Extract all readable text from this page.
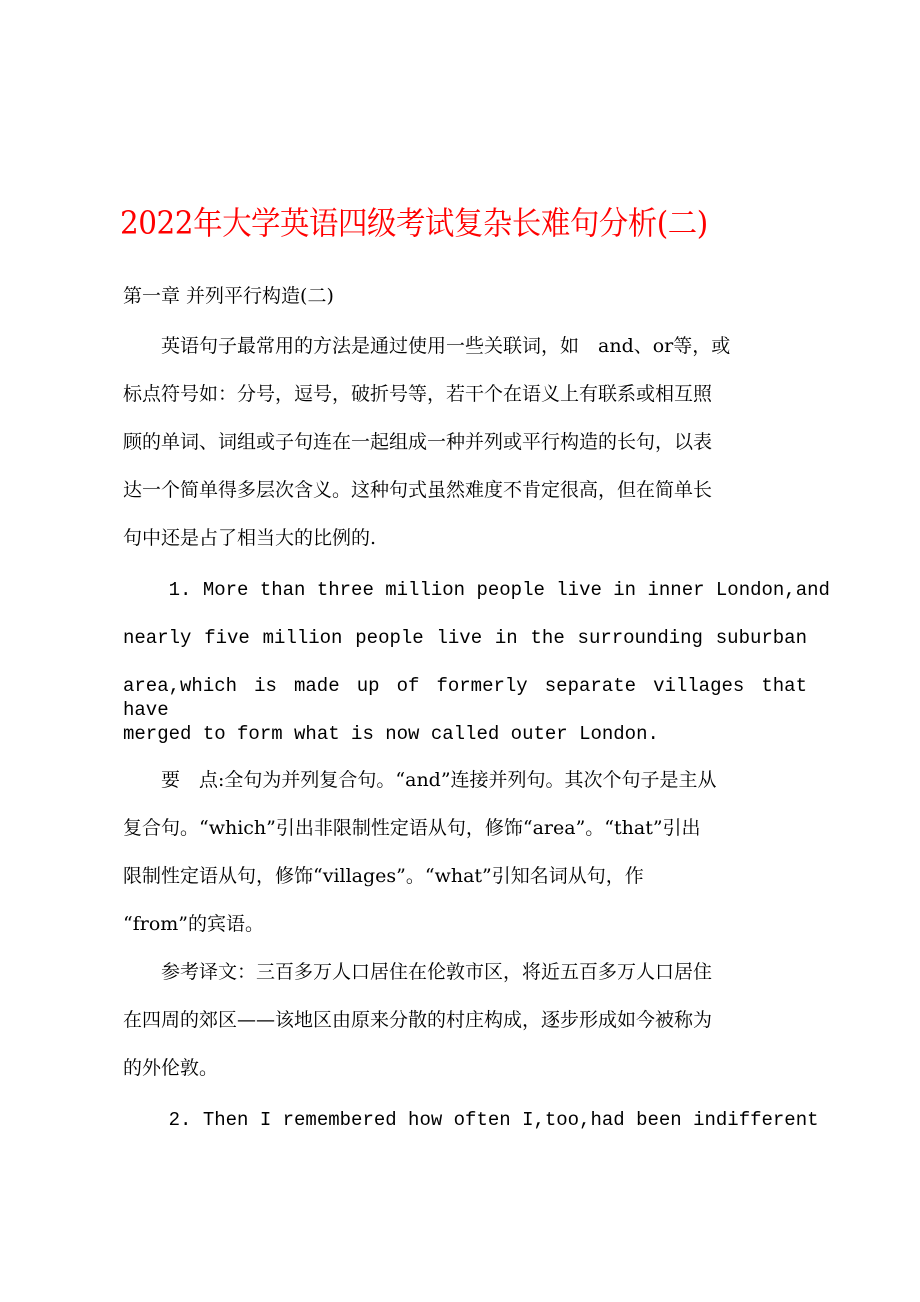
2022年大学英语四级考试复杂长难句分析(二)
第一章 并列平行构造(二)
　　英语句子最常用的方法是通过使用一些关联词，如　and、or等，或
标点符号如：分号，逗号，破折号等，若干个在语义上有联系或相互照
顾的单词、词组或子句连在一起组成一种并列或平行构造的长句，以表
达一个简单得多层次含义。这种句式虽然难度不肯定很高，但在简单长
句中还是占了相当大的比例的.
1. More than three million people live in inner London,and
nearly five million people live in the surrounding suburban
area,which is made up of formerly separate villages that have
merged to form what is now called outer London.
　　要　点:全句为并列复合句。“and”连接并列句。其次个句子是主从
复合句。“which”引出非限制性定语从句，修饰“area”。“that”引出
限制性定语从句，修饰“villages”。“what”引知名词从句，作
“from”的宾语。
　　参考译文：三百多万人口居住在伦敦市区，将近五百多万人口居住
在四周的郊区——该地区由原来分散的村庄构成，逐步形成如今被称为
的外伦敦。
2. Then I remembered how often I,too,had been indifferent
